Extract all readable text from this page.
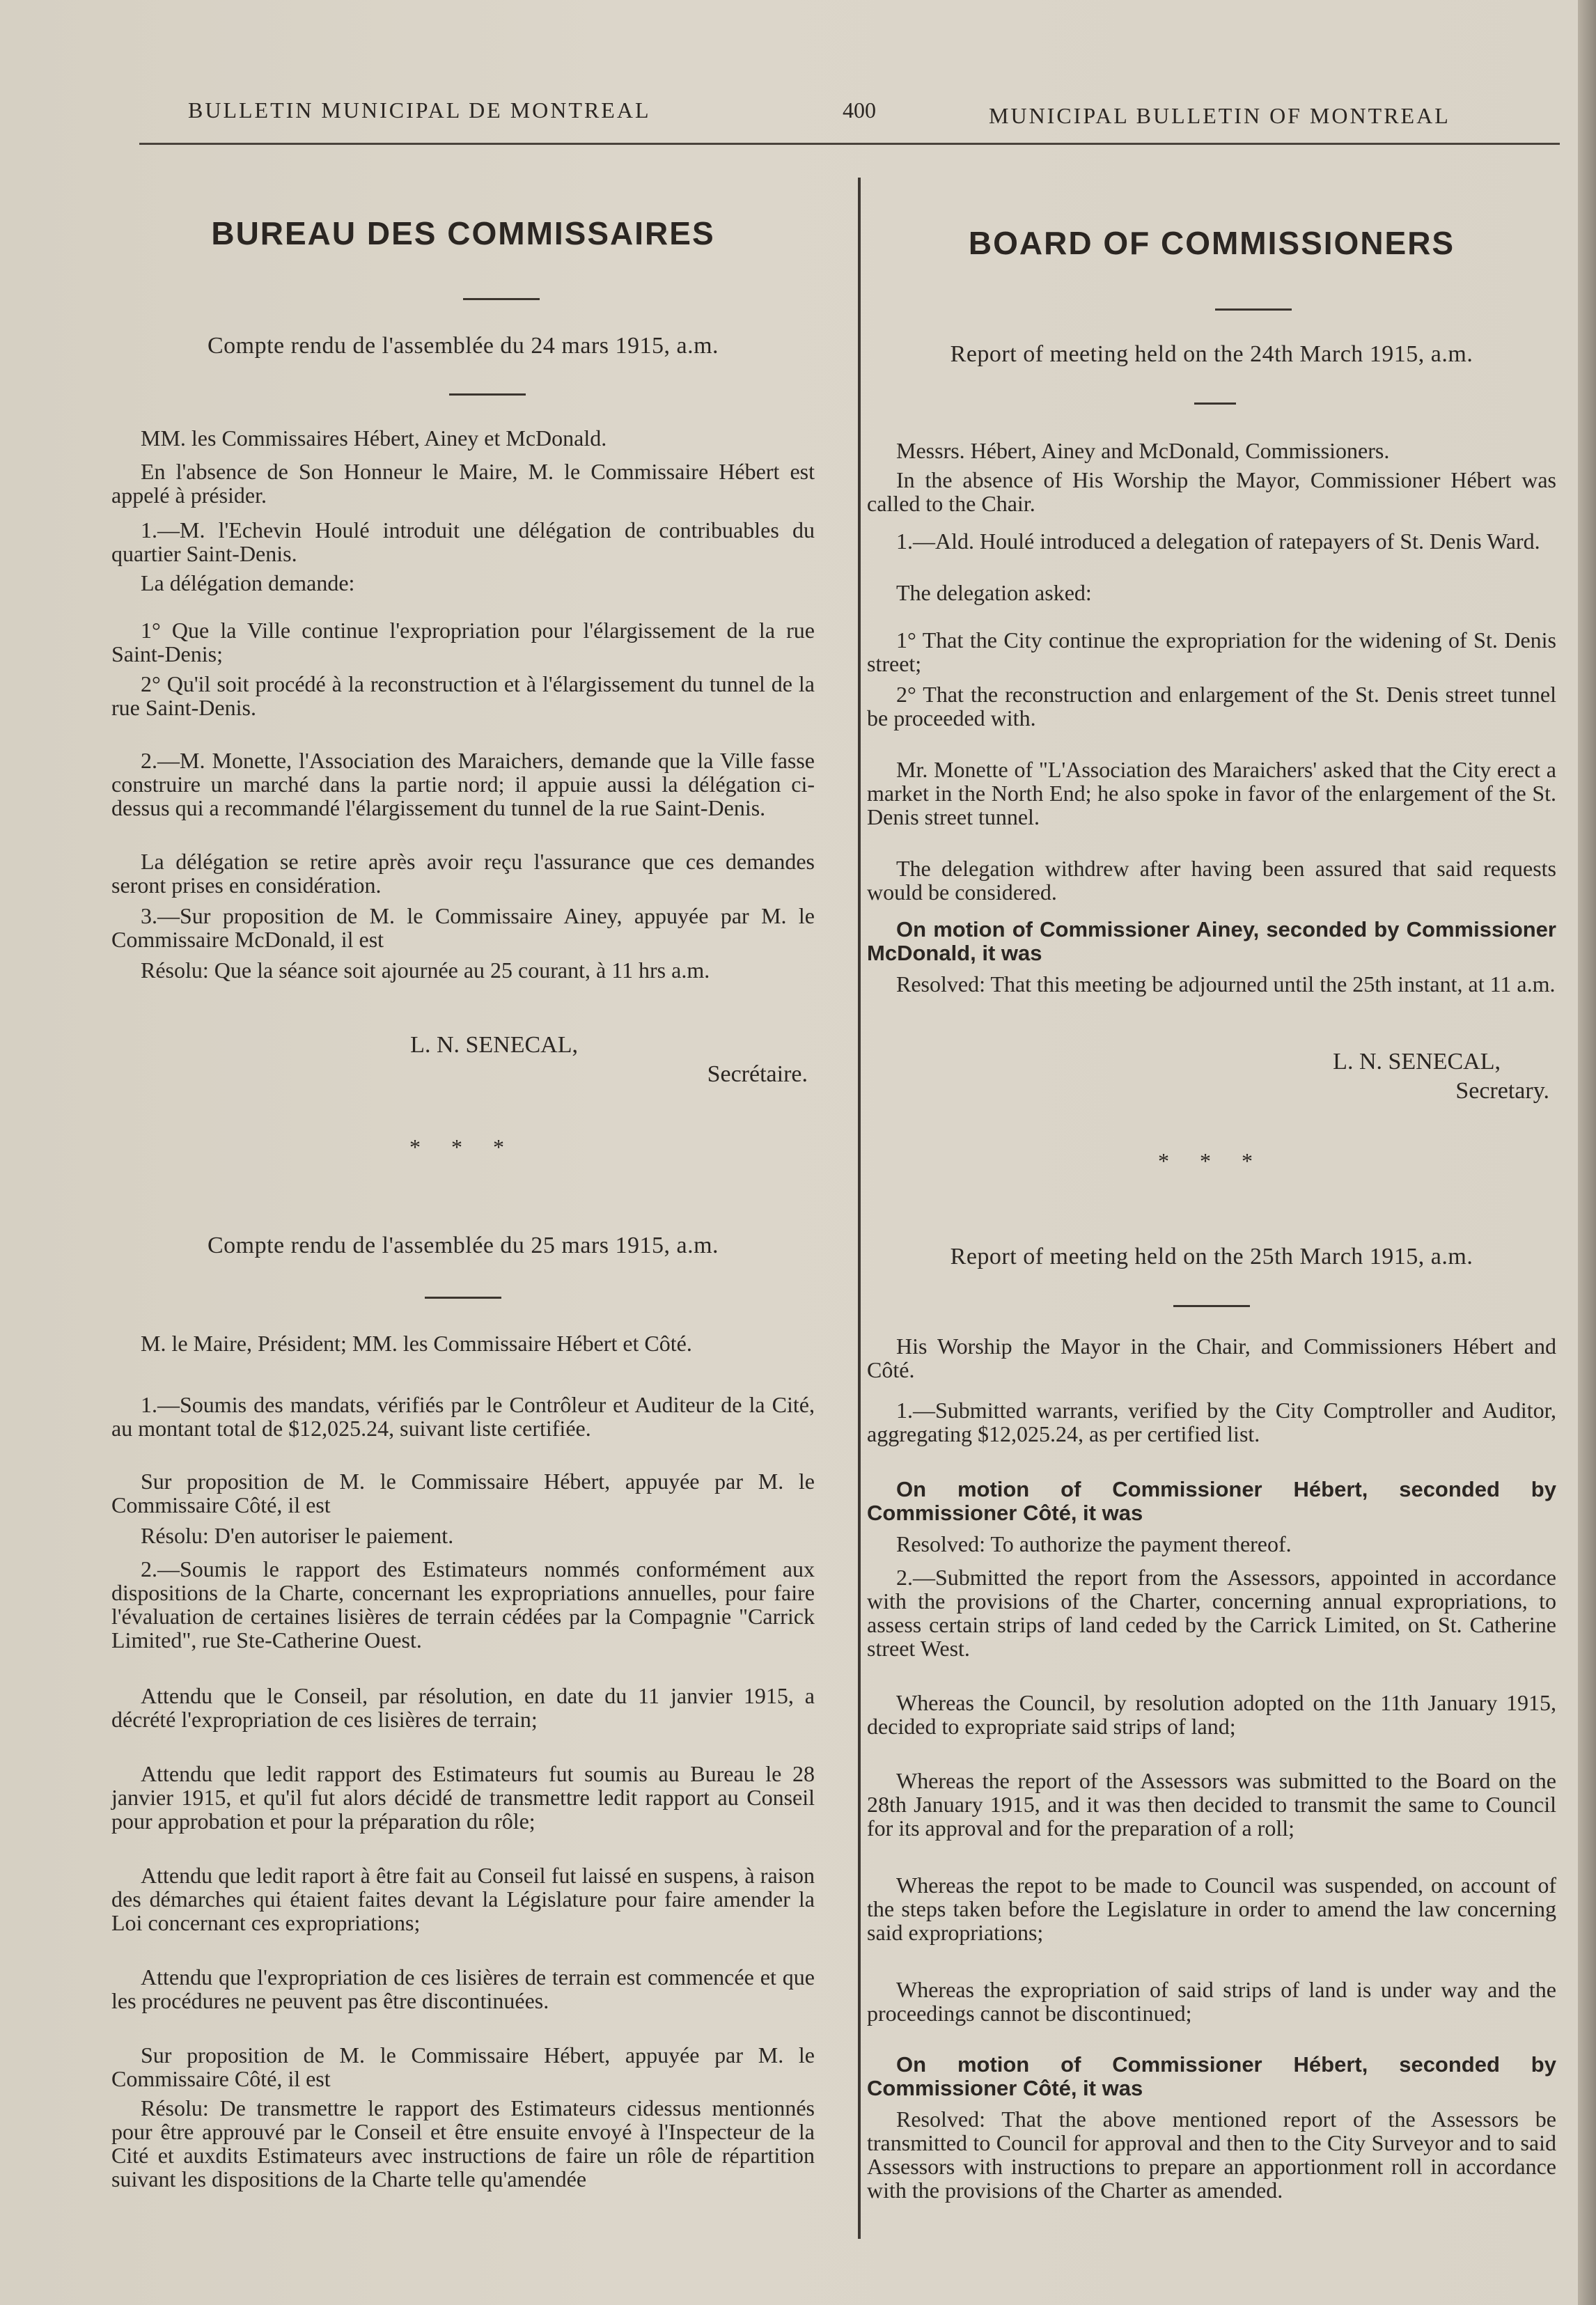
BULLETIN MUNICIPAL DE MONTREAL	400	MUNICIPAL BULLETIN OF MONTREAL
BUREAU DES COMMISSAIRES
Compte rendu de l'assemblée du 24 mars 1915, a.m.
MM. les Commissaires Hébert, Ainey et McDonald.
En l'absence de Son Honneur le Maire, M. le Commissaire Hébert est appelé à présider.
1.—M. l'Echevin Houlé introduit une délégation de contribuables du quartier Saint-Denis.
La délégation demande:
1° Que la Ville continue l'expropriation pour l'élargissement de la rue Saint-Denis;
2° Qu'il soit procédé à la reconstruction et à l'élargissement du tunnel de la rue Saint-Denis.
2.—M. Monette, l'Association des Maraichers, demande que la Ville fasse construire un marché dans la partie nord; il appuie aussi la délégation ci-dessus qui a recommandé l'élargissement du tunnel de la rue Saint-Denis.
La délégation se retire après avoir reçu l'assurance que ces demandes seront prises en considération.
3.—Sur proposition de M. le Commissaire Ainey, appuyée par M. le Commissaire McDonald, il est
Résolu: Que la séance soit ajournée au 25 courant, à 11 hrs a.m.
L. N. SENECAL,
Secrétaire.
* * *
Compte rendu de l'assemblée du 25 mars 1915, a.m.
M. le Maire, Président; MM. les Commissaire Hébert et Côté.
1.—Soumis des mandats, vérifiés par le Contrôleur et Auditeur de la Cité, au montant total de $12,025.24, suivant liste certifiée.
Sur proposition de M. le Commissaire Hébert, appuyée par M. le Commissaire Côté, il est
Résolu: D'en autoriser le paiement.
2.—Soumis le rapport des Estimateurs nommés conformément aux dispositions de la Charte, concernant les expropriations annuelles, pour faire l'évaluation de certaines lisières de terrain cédées par la Compagnie "Carrick Limited", rue Ste-Catherine Ouest.
Attendu que le Conseil, par résolution, en date du 11 janvier 1915, a décrété l'expropriation de ces lisières de terrain;
Attendu que ledit rapport des Estimateurs fut soumis au Bureau le 28 janvier 1915, et qu'il fut alors décidé de transmettre ledit rapport au Conseil pour approbation et pour la préparation du rôle;
Attendu que ledit raport à être fait au Conseil fut laissé en suspens, à raison des démarches qui étaient faites devant la Législature pour faire amender la Loi concernant ces expropriations;
Attendu que l'expropriation de ces lisières de terrain est commencée et que les procédures ne peuvent pas être discontinuées.
Sur proposition de M. le Commissaire Hébert, appuyée par M. le Commissaire Côté, il est
Résolu: De transmettre le rapport des Estimateurs cidessus mentionnés pour être approuvé par le Conseil et être ensuite envoyé à l'Inspecteur de la Cité et auxdits Estimateurs avec instructions de faire un rôle de répartition suivant les dispositions de la Charte telle qu'amendée
BOARD OF COMMISSIONERS
Report of meeting held on the 24th March 1915, a.m.
Messrs. Hébert, Ainey and McDonald, Commissioners.
In the absence of His Worship the Mayor, Commissioner Hébert was called to the Chair.
1.—Ald. Houlé introduced a delegation of ratepayers of St. Denis Ward.
The delegation asked:
1° That the City continue the expropriation for the widening of St. Denis street;
2° That the reconstruction and enlargement of the St. Denis street tunnel be proceeded with.
Mr. Monette of "L'Association des Maraichers' asked that the City erect a market in the North End; he also spoke in favor of the enlargement of the St. Denis street tunnel.
The delegation withdrew after having been assured that said requests would be considered.
On motion of Commissioner Ainey, seconded by Commissioner McDonald, it was
Resolved: That this meeting be adjourned until the 25th instant, at 11 a.m.
L. N. SENECAL,
Secretary.
* * *
Report of meeting held on the 25th March 1915, a.m.
His Worship the Mayor in the Chair, and Commissioners Hébert and Côté.
1.—Submitted warrants, verified by the City Comptroller and Auditor, aggregating $12,025.24, as per certified list.
On motion of Commissioner Hébert, seconded by Commissioner Côté, it was
Resolved: To authorize the payment thereof.
2.—Submitted the report from the Assessors, appointed in accordance with the provisions of the Charter, concerning annual expropriations, to assess certain strips of land ceded by the Carrick Limited, on St. Catherine street West.
Whereas the Council, by resolution adopted on the 11th January 1915, decided to expropriate said strips of land;
Whereas the report of the Assessors was submitted to the Board on the 28th January 1915, and it was then decided to transmit the same to Council for its approval and for the preparation of a roll;
Whereas the repot to be made to Council was suspended, on account of the steps taken before the Legislature in order to amend the law concerning said expropriations;
Whereas the expropriation of said strips of land is under way and the proceedings cannot be discontinued;
On motion of Commissioner Hébert, seconded by Commissioner Côté, it was
Resolved: That the above mentioned report of the Assessors be transmitted to Council for approval and then to the City Surveyor and to said Assessors with instructions to prepare an apportionment roll in accordance with the provisions of the Charter as amended.
